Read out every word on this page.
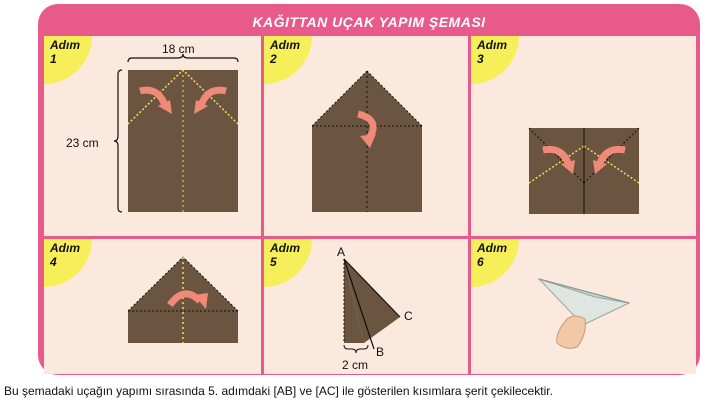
KAĞITTAN UÇAK YAPIM ŞEMASI
Adım
1
18 cm
23 cm
Adım
2
Adım
3
Adım
4
Adım
5
A
B
C
2 cm
Adım
6
Bu şemadaki uçağın yapımı sırasında 5. adımdaki [AB] ve [AC] ile gösterilen kısımlara şerit çekilecektir.
